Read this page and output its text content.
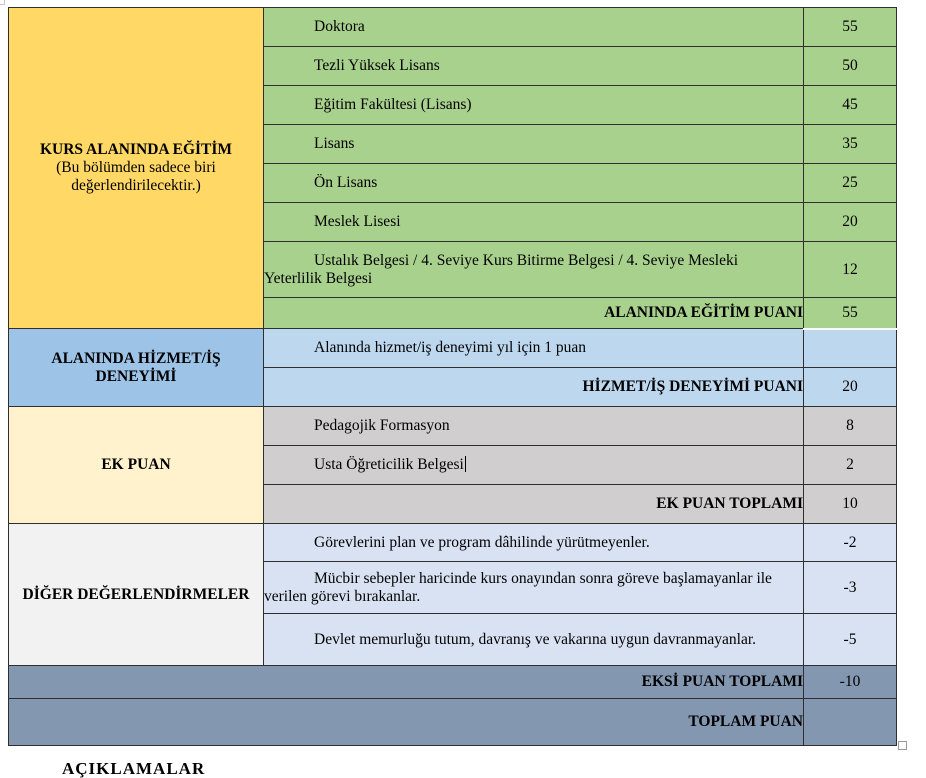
KURS ALANINDA EĞİTİM
(Bu bölümden sadece biri değerlendirilecektir.)	Doktora	55
	Tezli Yüksek Lisans	50
	Eğitim Fakültesi (Lisans)	45
	Lisans	35
	Ön Lisans	25
	Meslek Lisesi	20
	Ustalık Belgesi / 4. Seviye Kurs Bitirme Belgesi / 4. Seviye Mesleki Yeterlilik Belgesi	12
	ALANINDA EĞİTİM PUANI	55
ALANINDA HİZMET/İŞ DENEYİMİ	Alanında hizmet/iş deneyimi yıl için 1 puan	
	HİZMET/İŞ DENEYİMİ PUANI	20
EK PUAN	Pedagojik Formasyon	8
	Usta Öğreticilik Belgesi	2
	EK PUAN TOPLAMI	10
DİĞER DEĞERLENDİRMELER	Görevlerini plan ve program dâhilinde yürütmeyenler.	-2
	Mücbir sebepler haricinde kurs onayından sonra göreve başlamayanlar ile verilen görevi bırakanlar.	-3
	Devlet memurluğu tutum, davranış ve vakarına uygun davranmayanlar.	-5
EKSİ PUAN TOPLAMI		-10
TOPLAM PUAN		
AÇIKLAMALAR
